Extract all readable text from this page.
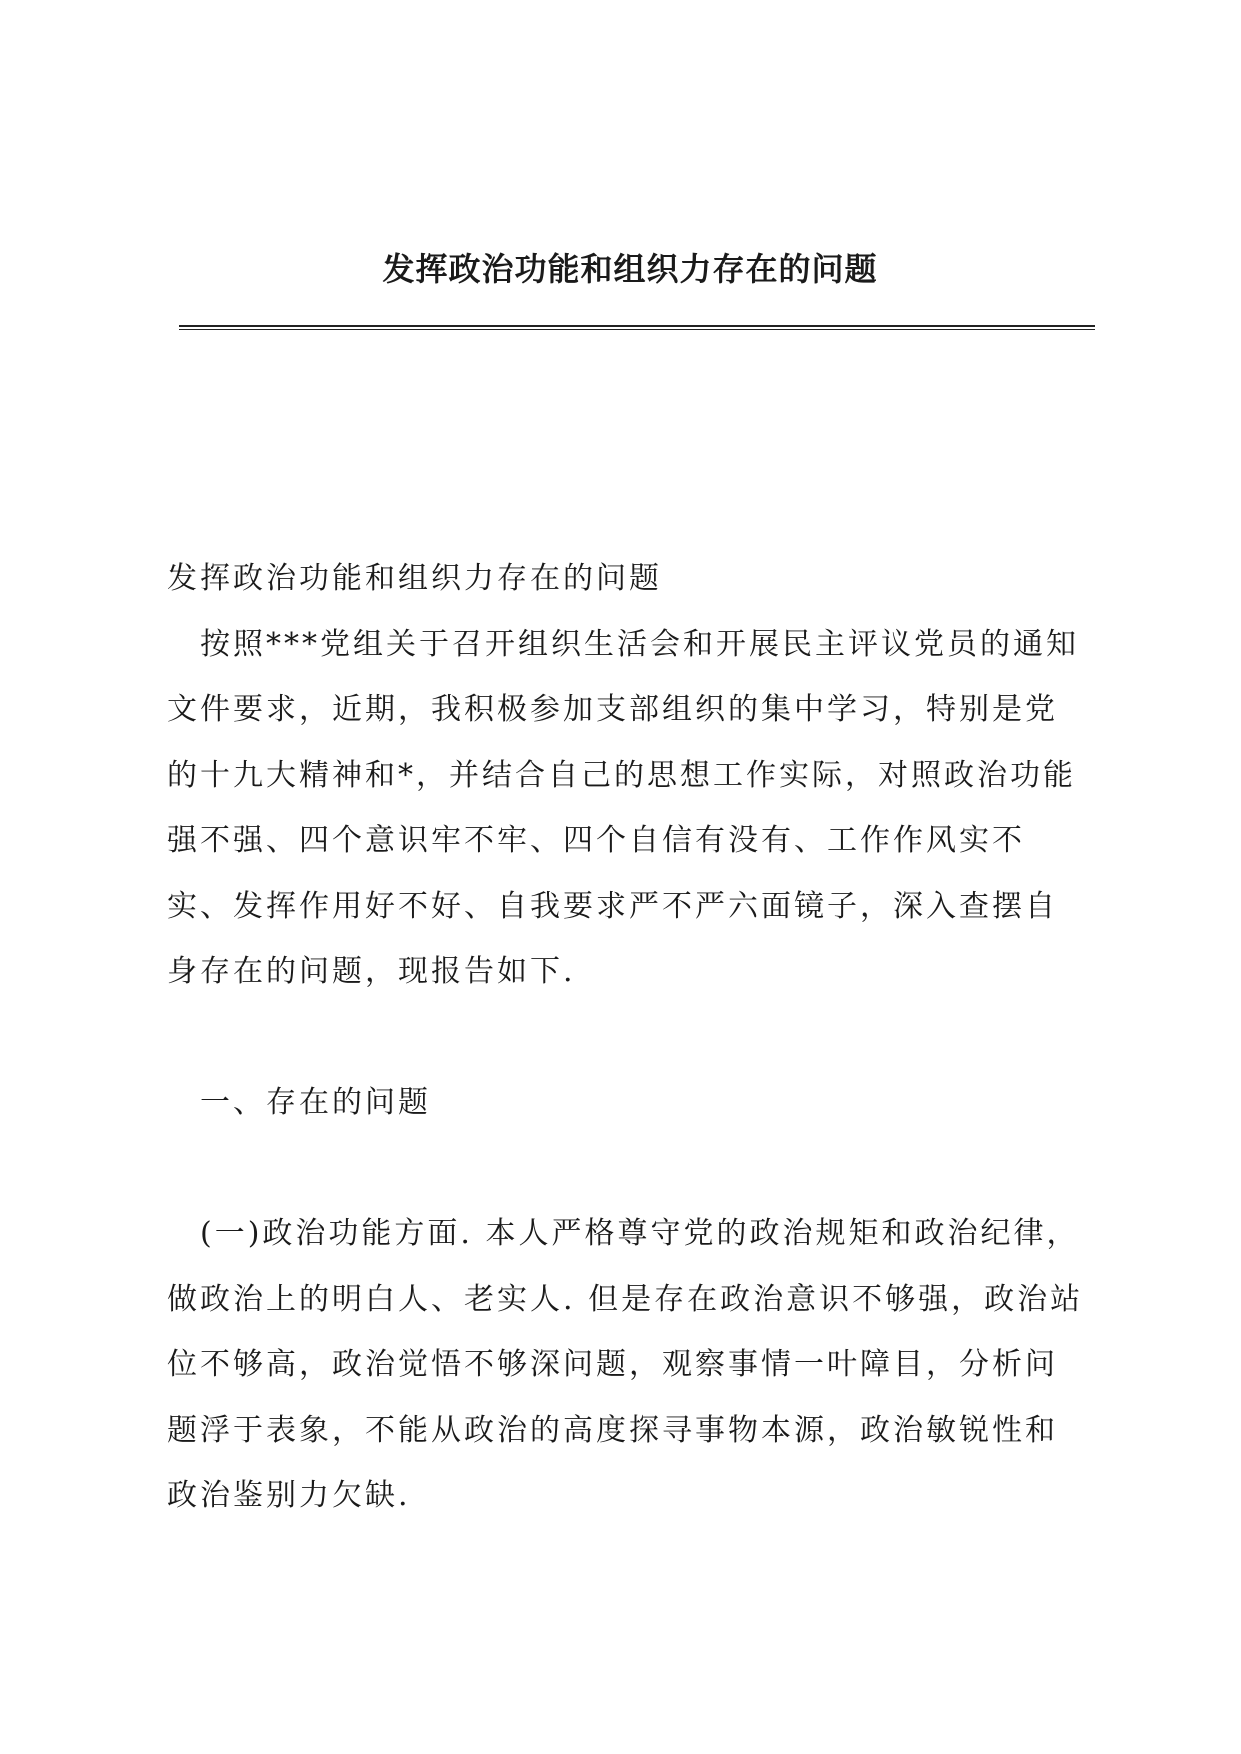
发挥政治功能和组织力存在的问题

发挥政治功能和组织力存在的问题

按照***党组关于召开组织生活会和开展民主评议党员的通知文件要求，近期，我积极参加支部组织的集中学习，特别是党的十九大精神和*，并结合自己的思想工作实际，对照政治功能强不强、四个意识牢不牢、四个自信有没有、工作作风实不实、发挥作用好不好、自我要求严不严六面镜子，深入查摆自身存在的问题，现报告如下.

一、存在的问题

(一)政治功能方面. 本人严格尊守党的政治规矩和政治纪律，做政治上的明白人、老实人. 但是存在政治意识不够强，政治站位不够高，政治觉悟不够深问题，观察事情一叶障目，分析问题浮于表象，不能从政治的高度探寻事物本源，政治敏锐性和政治鉴别力欠缺.
